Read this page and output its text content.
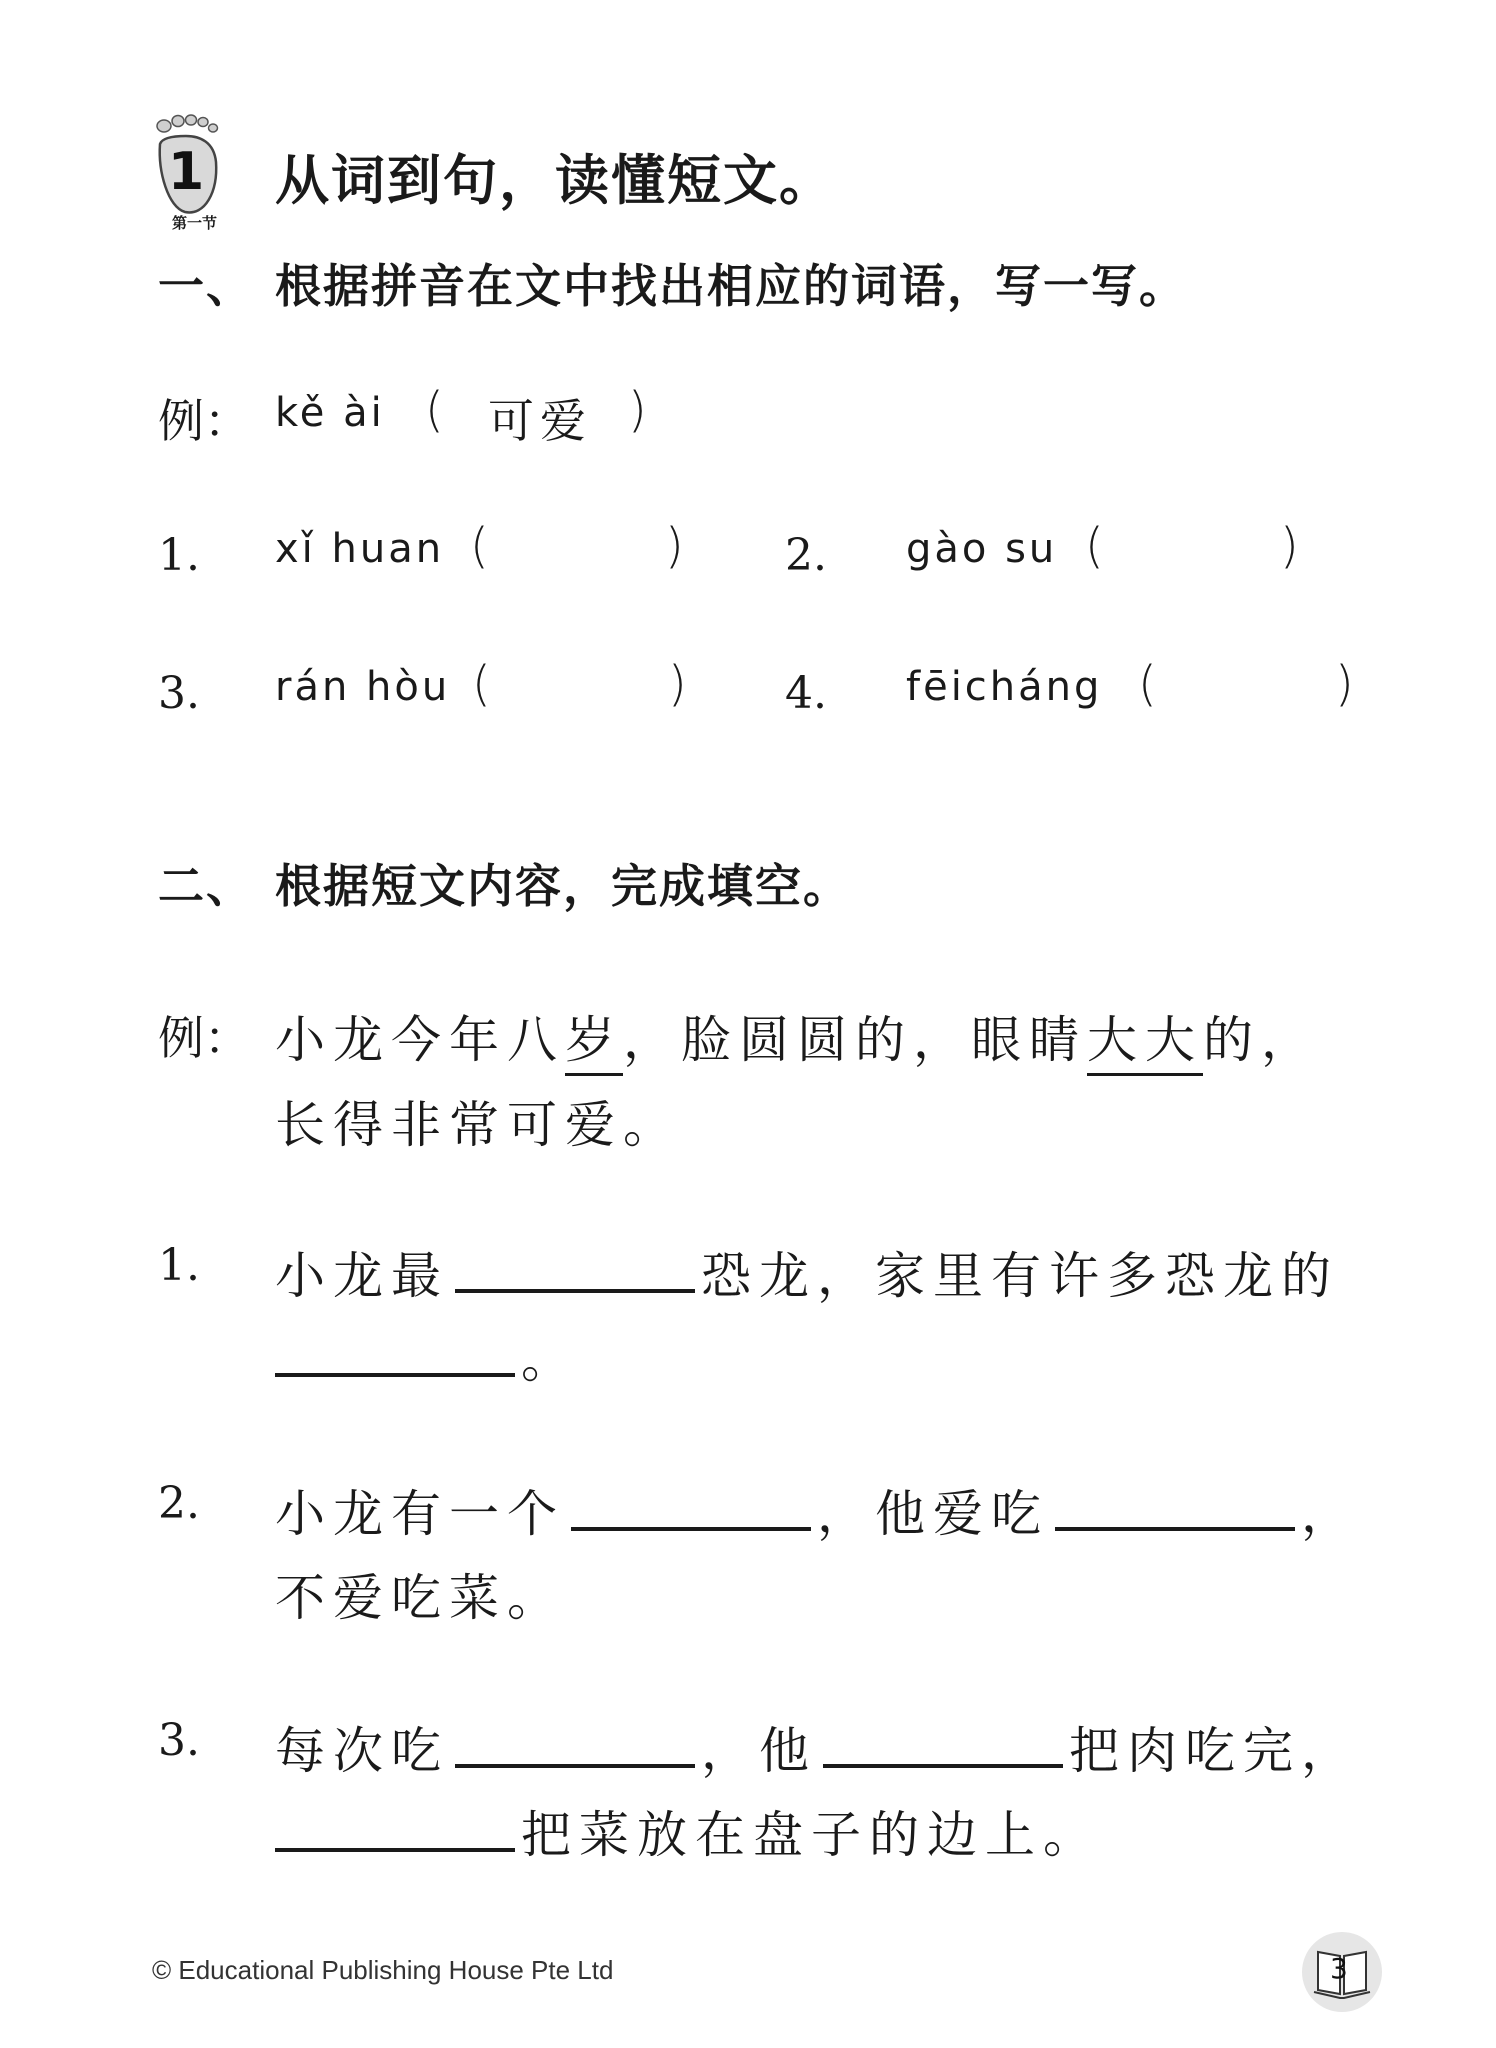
1
第一节
从词到句，读懂短文。
一、 根据拼音在文中找出相应的词语，写一写。
例： kě ài ( 可爱 )
1. xǐ huan (	) 2. gào su (	)
3. rán hòu (	) 4. fēicháng (	)
二、 根据短文内容，完成填空。
例： 小龙今年八岁，脸圆圆的，眼睛大大的，
长得非常可爱。
1. 小龙最	恐龙，家里有许多恐龙的
。
2. 小龙有一个	，他爱吃	，
不爱吃菜。
3. 每次吃	，他	把肉吃完，
把菜放在盘子的边上。
© Educational Publishing House Pte Ltd	3
